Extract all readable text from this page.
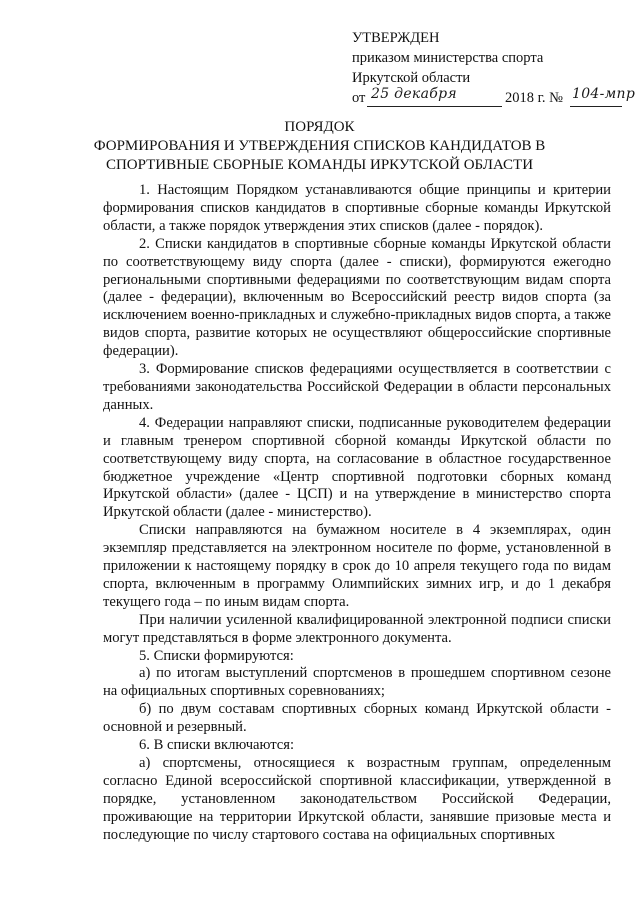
УТВЕРЖДЕН
приказом министерства спорта
Иркутской области
от 25 декабря	2018 г. № 104-мпр
ПОРЯДОК
ФОРМИРОВАНИЯ И УТВЕРЖДЕНИЯ СПИСКОВ КАНДИДАТОВ В
СПОРТИВНЫЕ СБОРНЫЕ КОМАНДЫ ИРКУТСКОЙ ОБЛАСТИ

1. Настоящим Порядком устанавливаются общие принципы и критерии формирования списков кандидатов в спортивные сборные команды Иркутской области, а также порядок утверждения этих списков (далее - порядок).

2. Списки кандидатов в спортивные сборные команды Иркутской области по соответствующему виду спорта (далее - списки), формируются ежегодно региональными спортивными федерациями по соответствующим видам спорта (далее - федерации), включенным во Всероссийский реестр видов спорта (за исключением военно-прикладных и служебно-прикладных видов спорта, а также видов спорта, развитие которых не осуществляют общероссийские спортивные федерации).

3. Формирование списков федерациями осуществляется в соответствии с требованиями законодательства Российской Федерации в области персональных данных.

4. Федерации направляют списки, подписанные руководителем федерации и главным тренером спортивной сборной команды Иркутской области по соответствующему виду спорта, на согласование в областное государственное бюджетное учреждение «Центр спортивной подготовки сборных команд Иркутской области» (далее - ЦСП) и на утверждение в министерство спорта Иркутской области (далее - министерство).

Списки направляются на бумажном носителе в 4 экземплярах, один экземпляр представляется на электронном носителе по форме, установленной в приложении к настоящему порядку в срок до 10 апреля текущего года по видам спорта, включенным в программу Олимпийских зимних игр, и до 1 декабря текущего года – по иным видам спорта.

При наличии усиленной квалифицированной электронной подписи списки могут представляться в форме электронного документа.

5. Списки формируются:

а) по итогам выступлений спортсменов в прошедшем спортивном сезоне на официальных спортивных соревнованиях;

б) по двум составам спортивных сборных команд Иркутской области - основной и резервный.

6. В списки включаются:

а) спортсмены, относящиеся к возрастным группам, определенным согласно Единой всероссийской спортивной классификации, утвержденной в порядке, установленном законодательством Российской Федерации, проживающие на территории Иркутской области, занявшие призовые места и последующие по числу стартового состава на официальных спортивных
